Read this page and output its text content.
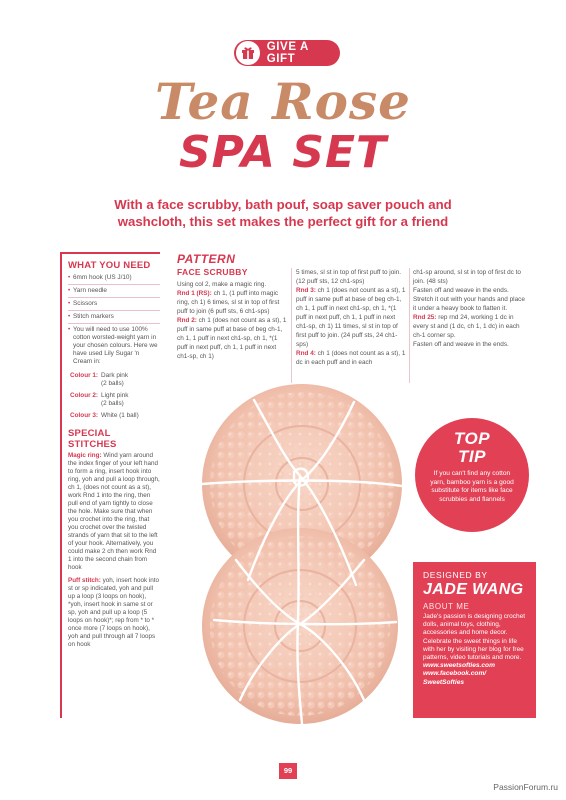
GIVE A GIFT
Tea Rose
SPA SET
With a face scrubby, bath pouf, soap saver pouch and washcloth, this set makes the perfect gift for a friend
WHAT YOU NEED
• 6mm hook (US J/10)
• Yarn needle
• Scissors
• Stitch markers
• You will need to use 100% cotton worsted-weight yarn in your chosen colours. Here we have used Lily Sugar 'n Cream in:
Colour 1: Dark pink
(2 balls)
Colour 2: Light pink
(2 balls)
Colour 3: White (1 ball)
SPECIAL STITCHES

Magic ring: Wind yarn around the index finger of your left hand to form a ring, insert hook into ring, yoh and pull a loop through, ch 1, (does not count as a st), work Rnd 1 into the ring, then pull end of yarn tightly to close the hole. Make sure that when you crochet into the ring, that you crochet over the twisted strands of yarn that sit to the left of your hook. Alternatively, you could make 2 ch then work Rnd 1 into the second chain from hook

Puff stitch: yoh, insert hook into st or sp indicated, yoh and pull up a loop (3 loops on hook), *yoh, insert hook in same st or sp, yoh and pull up a loop (5 loops on hook)*; rep from * to * once more (7 loops on hook), yoh and pull through all 7 loops on hook

PATTERN
FACE SCRUBBY

Using col 2, make a magic ring.

Rnd 1 (RS): ch 1, (1 puff into magic ring, ch 1) 6 times, sl st in top of first puff to join (6 puff sts, 6 ch1-sps)

Rnd 2: ch 1 (does not count as a st), 1 puff in same puff at base of beg ch-1, ch 1, 1 puff in next ch1-sp, ch 1, *(1 puff in next puff, ch 1, 1 puff in next ch1-sp, ch 1)

5 times, sl st in top of first puff to join. (12 puff sts, 12 ch1-sps)

Rnd 3: ch 1 (does not count as a st), 1 puff in same puff at base of beg ch-1, ch 1, 1 puff in next ch1-sp, ch 1, *(1 puff in next puff, ch 1, 1 puff in next ch1-sp, ch 1) 11 times, sl st in top of first puff to join. (24 puff sts, 24 ch1-sps)

Rnd 4: ch 1 (does not count as a st), 1 dc in each puff and in each

ch1-sp around, sl st in top of first dc to join. (48 sts)

Fasten off and weave in the ends. Stretch it out with your hands and place it under a heavy book to flatten it.

Rnd 25: rep rnd 24, working 1 dc in every st and (1 dc, ch 1, 1 dc) in each ch-1 corner sp.

Fasten off and weave in the ends.

TOP
TIP
If you can't find any cotton yarn, bamboo yarn is a good substitute for items like face scrubbies and flannels
DESIGNED BY
JADE WANG
ABOUT ME
Jade's passion is designing crochet dolls, animal toys, clothing, accessories and home decor. Celebrate the sweet things in life with her by visiting her blog for free patterns, video tutorials and more.
www.sweetsofties.com
www.facebook.com/
SweetSofties
99
PassionForum.ru
